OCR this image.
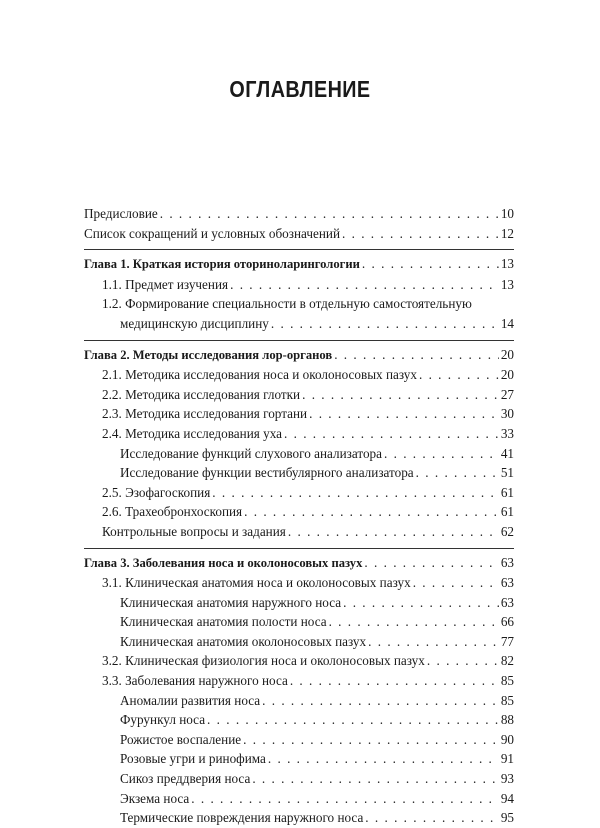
ОГЛАВЛЕНИЕ
Предисловие . . .	10
Список сокращений и условных обозначений . . .	12
Глава 1. Краткая история оториноларингологии . . .	13
1.1. Предмет изучения . . .	13
1.2. Формирование специальности в отдельную самостоятельную
медицинскую дисциплину . . .	14
Глава 2. Методы исследования лор-органов . . .	20
2.1. Методика исследования носа и околоносовых пазух . . .	20
2.2. Методика исследования глотки . . .	27
2.3. Методика исследования гортани . . .	30
2.4. Методика исследования уха . . .	33
Исследование функций слухового анализатора . . .	41
Исследование функции вестибулярного анализатора . . .	51
2.5. Эзофагоскопия . . .	61
2.6. Трахеобронхоскопия . . .	61
Контрольные вопросы и задания . . .	62
Глава 3. Заболевания носа и околоносовых пазух . . .	63
3.1. Клиническая анатомия носа и околоносовых пазух . . .	63
Клиническая анатомия наружного носа . . .	63
Клиническая анатомия полости носа . . .	66
Клиническая анатомия околоносовых пазух . . .	77
3.2. Клиническая физиология носа и околоносовых пазух . . .	82
3.3. Заболевания наружного носа . . .	85
Аномалии развития носа . . .	85
Фурункул носа . . .	88
Рожистое воспаление . . .	90
Розовые угри и ринофима . . .	91
Сикоз преддверия носа . . .	93
Экзема носа . . .	94
Термические повреждения наружного носа . . .	95
